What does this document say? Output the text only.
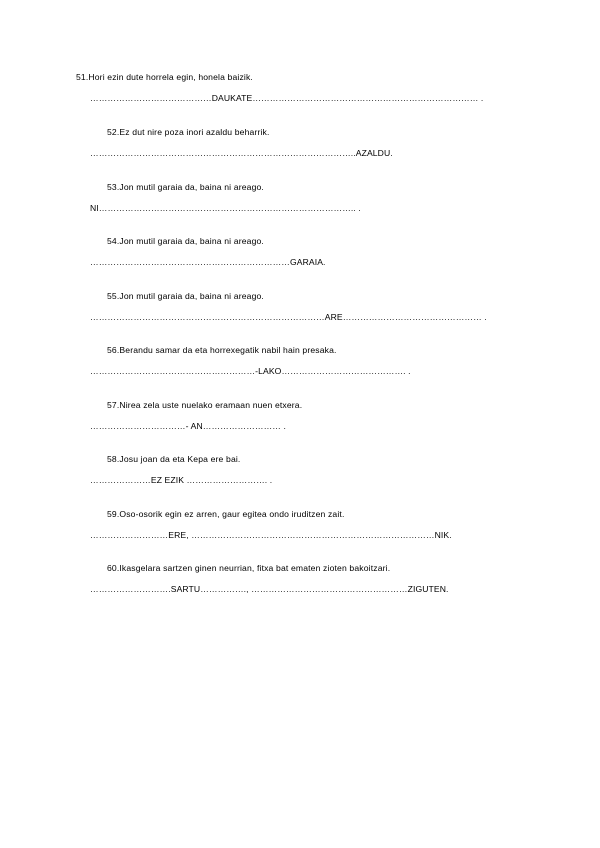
51.Hori ezin dute horrela egin, honela baizik.
……………………………………DAUKATE…………………………………………………………………… .
52.Ez dut nire poza inori azaldu beharrik.
………………………………………………………………………………..AZALDU.
53.Jon mutil garaia da, baina ni areago.
NI…………………………………………………………………………….. .
54.Jon mutil garaia da, baina ni areago.
……………………………………………………………GARAIA.
55.Jon mutil garaia da, baina ni areago.
………………………………………………………………………ARE………………………………………… .
56.Berandu samar da eta horrexegatik nabil hain presaka.
…………………………………………………-LAKO……………………………………. .
57.Nirea zela uste nuelako eramaan nuen etxera.
……………………………- AN……………………… .
58.Josu joan da eta Kepa ere bai.
…………………EZ EZIK ………………………. .
59.Oso-osorik egin ez arren, gaur egitea ondo iruditzen zait.
………………………ERE, …………………………………………………………………………NIK.
60.Ikasgelara sartzen ginen neurrian, fitxa bat ematen zioten bakoitzari.
……………………….SARTU……………., ………………………………………………ZIGUTEN.
